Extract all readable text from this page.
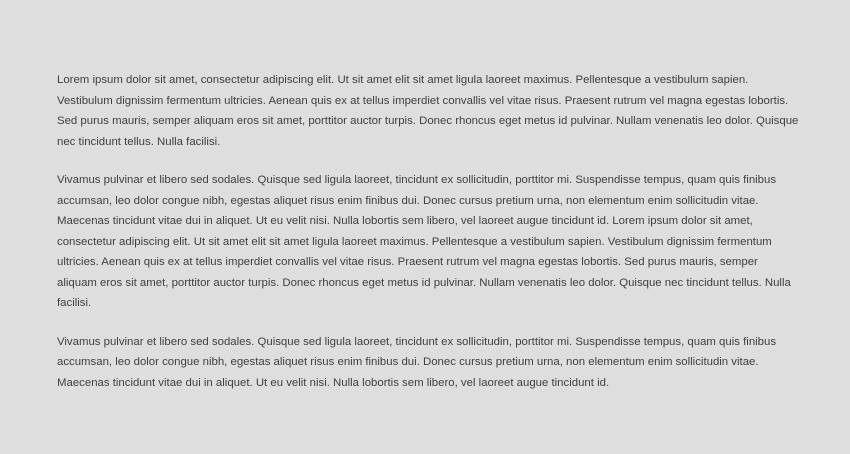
Lorem ipsum dolor sit amet, consectetur adipiscing elit. Ut sit amet elit sit amet ligula laoreet maximus. Pellentesque a vestibulum sapien. Vestibulum dignissim fermentum ultricies. Aenean quis ex at tellus imperdiet convallis vel vitae risus. Praesent rutrum vel magna egestas lobortis. Sed purus mauris, semper aliquam eros sit amet, porttitor auctor turpis. Donec rhoncus eget metus id pulvinar. Nullam venenatis leo dolor. Quisque nec tincidunt tellus. Nulla facilisi.

Vivamus pulvinar et libero sed sodales. Quisque sed ligula laoreet, tincidunt ex sollicitudin, porttitor mi. Suspendisse tempus, quam quis finibus accumsan, leo dolor congue nibh, egestas aliquet risus enim finibus dui. Donec cursus pretium urna, non elementum enim sollicitudin vitae. Maecenas tincidunt vitae dui in aliquet. Ut eu velit nisi. Nulla lobortis sem libero, vel laoreet augue tincidunt id. Lorem ipsum dolor sit amet, consectetur adipiscing elit. Ut sit amet elit sit amet ligula laoreet maximus. Pellentesque a vestibulum sapien. Vestibulum dignissim fermentum ultricies. Aenean quis ex at tellus imperdiet convallis vel vitae risus. Praesent rutrum vel magna egestas lobortis. Sed purus mauris, semper aliquam eros sit amet, porttitor auctor turpis. Donec rhoncus eget metus id pulvinar. Nullam venenatis leo dolor. Quisque nec tincidunt tellus. Nulla facilisi.

Vivamus pulvinar et libero sed sodales. Quisque sed ligula laoreet, tincidunt ex sollicitudin, porttitor mi. Suspendisse tempus, quam quis finibus accumsan, leo dolor congue nibh, egestas aliquet risus enim finibus dui. Donec cursus pretium urna, non elementum enim sollicitudin vitae. Maecenas tincidunt vitae dui in aliquet. Ut eu velit nisi. Nulla lobortis sem libero, vel laoreet augue tincidunt id.
